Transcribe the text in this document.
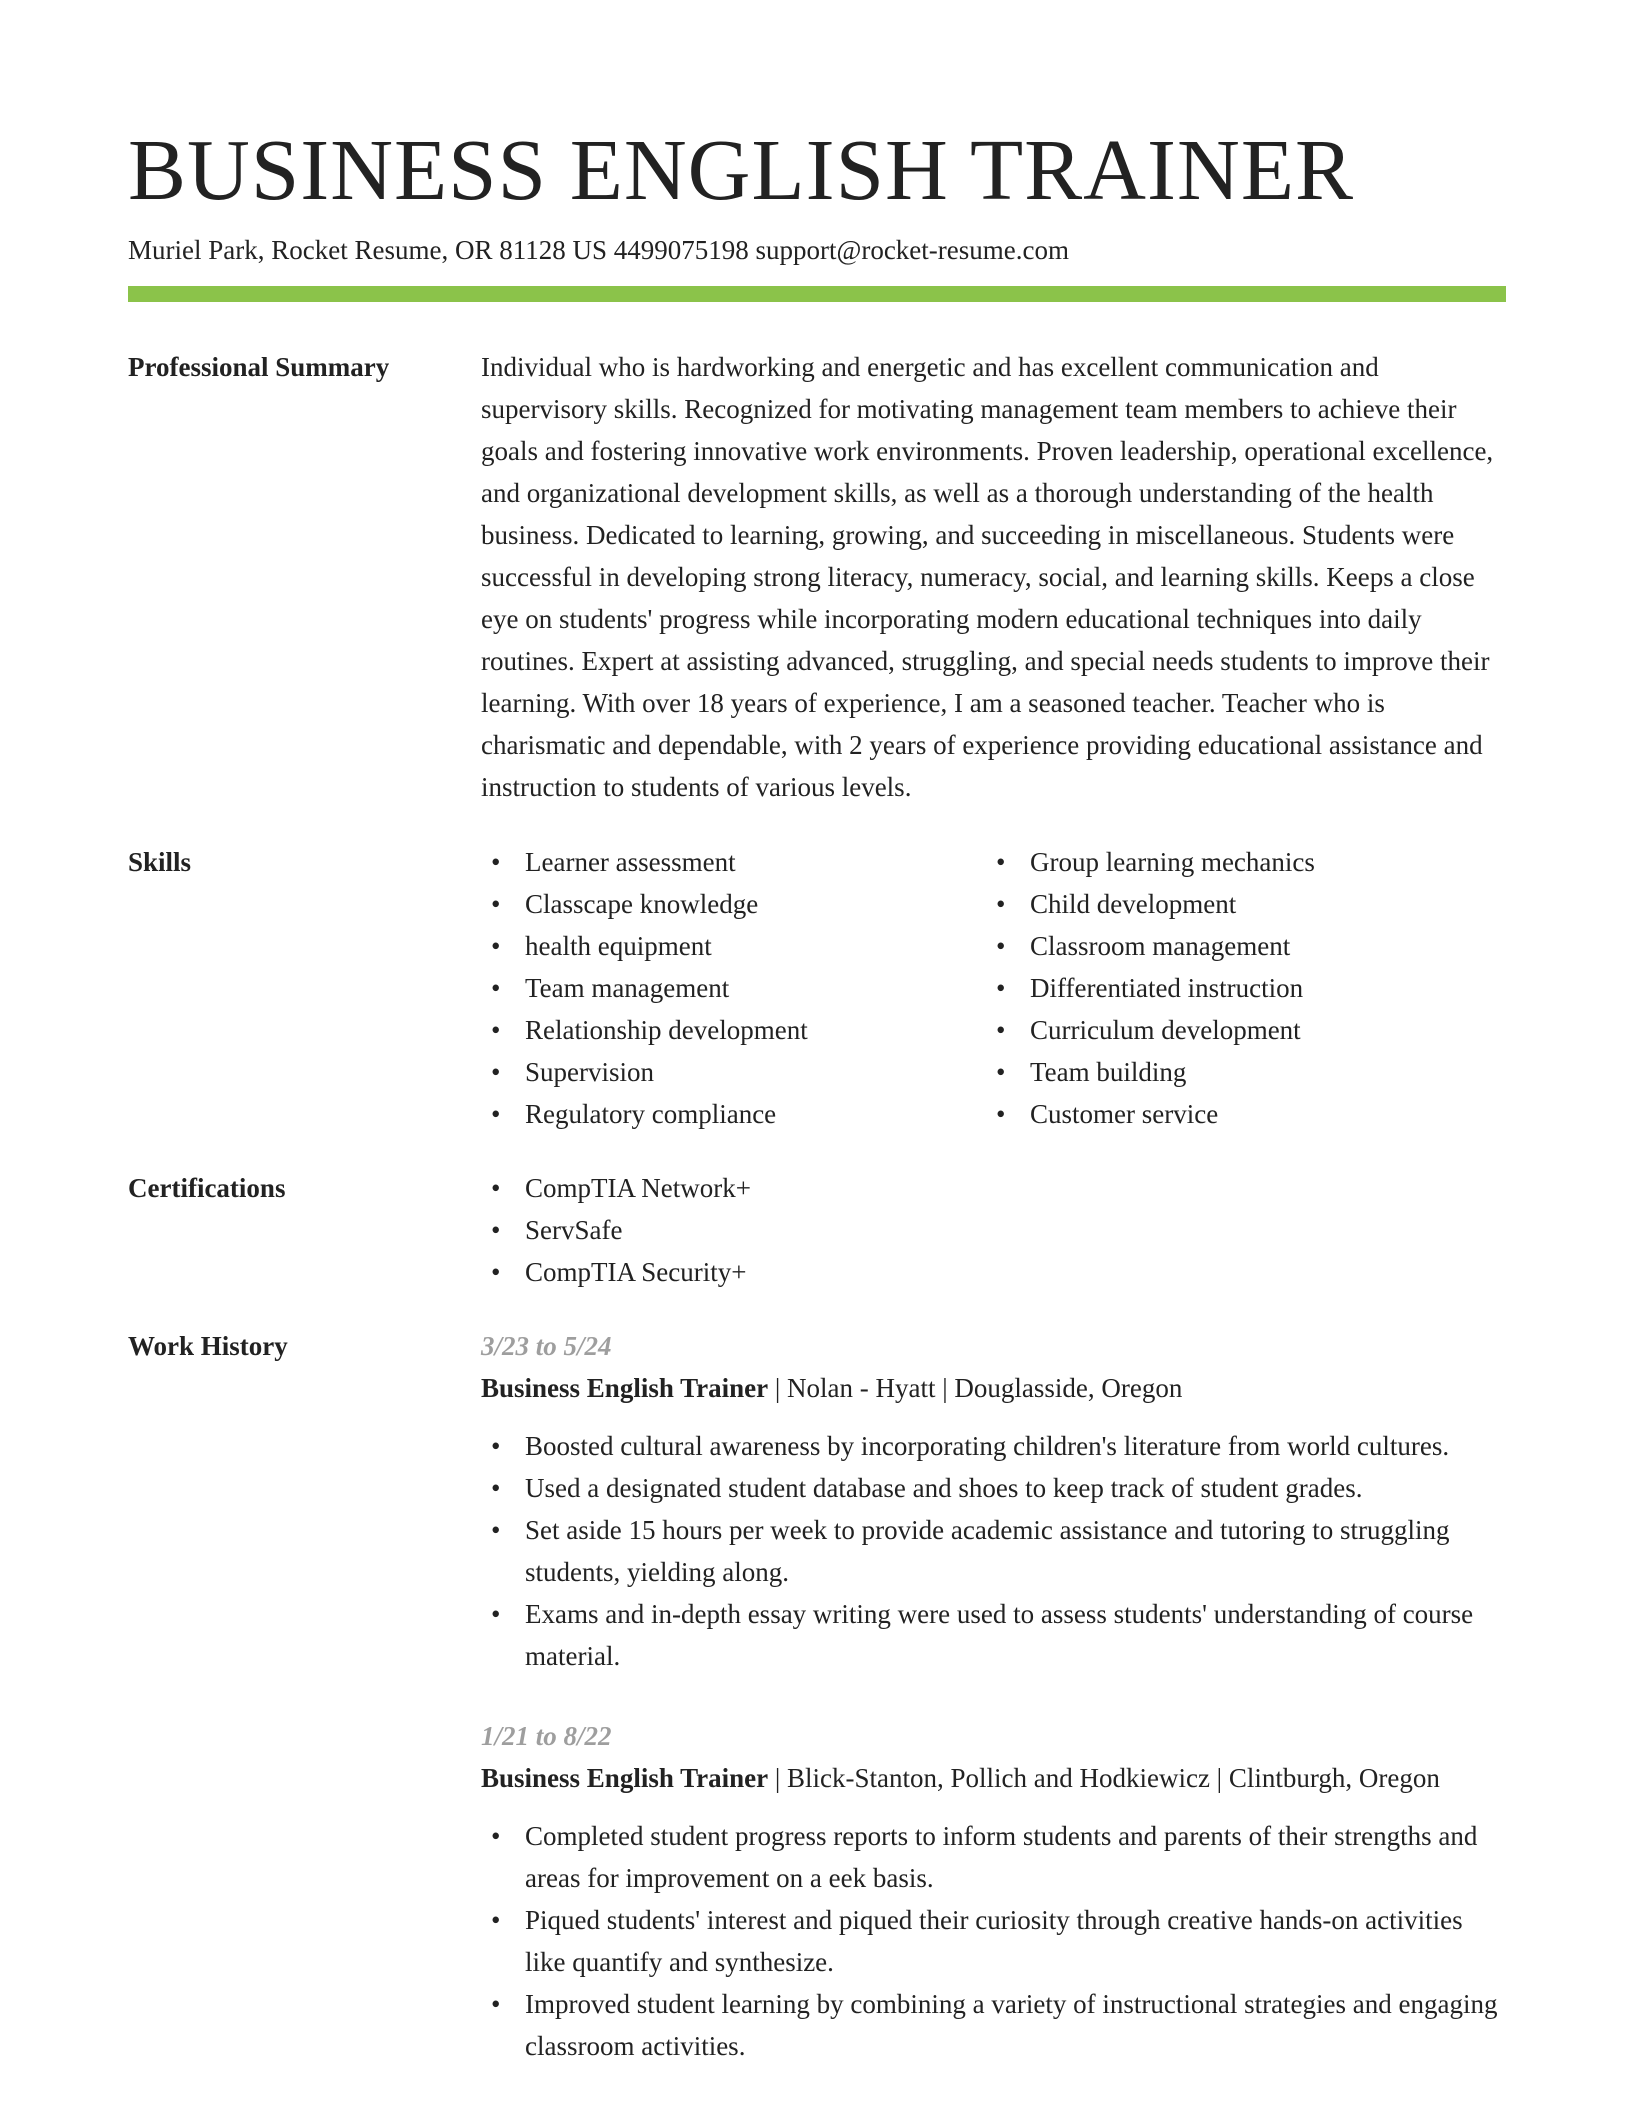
BUSINESS ENGLISH TRAINER
Muriel Park, Rocket Resume, OR 81128 US 4499075198 support@rocket-resume.com
Professional Summary	Individual who is hardworking and energetic and has excellent communication and supervisory skills. Recognized for motivating management team members to achieve their goals and fostering innovative work environments. Proven leadership, operational excellence, and organizational development skills, as well as a thorough understanding of the health business. Dedicated to learning, growing, and succeeding in miscellaneous. Students were successful in developing strong literacy, numeracy, social, and learning skills. Keeps a close eye on students' progress while incorporating modern educational techniques into daily routines. Expert at assisting advanced, struggling, and special needs students to improve their learning. With over 18 years of experience, I am a seasoned teacher. Teacher who is charismatic and dependable, with 2 years of experience providing educational assistance and instruction to students of various levels.

Skills	• Learner assessment
• Classcape knowledge
• health equipment
• Team management
• Relationship development
• Supervision
• Regulatory compliance
• Group learning mechanics
• Child development
• Classroom management
• Differentiated instruction
• Curriculum development
• Team building
• Customer service
Certifications	• CompTIA Network+
• ServSafe
• CompTIA Security+
Work History	3/23 to 5/24
Business English Trainer | Nolan - Hyatt | Douglasside, Oregon
• Boosted cultural awareness by incorporating children's literature from world cultures.
• Used a designated student database and shoes to keep track of student grades.
• Set aside 15 hours per week to provide academic assistance and tutoring to struggling students, yielding along.
• Exams and in-depth essay writing were used to assess students' understanding of course material.
1/21 to 8/22
Business English Trainer | Blick-Stanton, Pollich and Hodkiewicz | Clintburgh, Oregon
• Completed student progress reports to inform students and parents of their strengths and areas for improvement on a eek basis.
• Piqued students' interest and piqued their curiosity through creative hands-on activities like quantify and synthesize.
• Improved student learning by combining a variety of instructional strategies and engaging classroom activities.
